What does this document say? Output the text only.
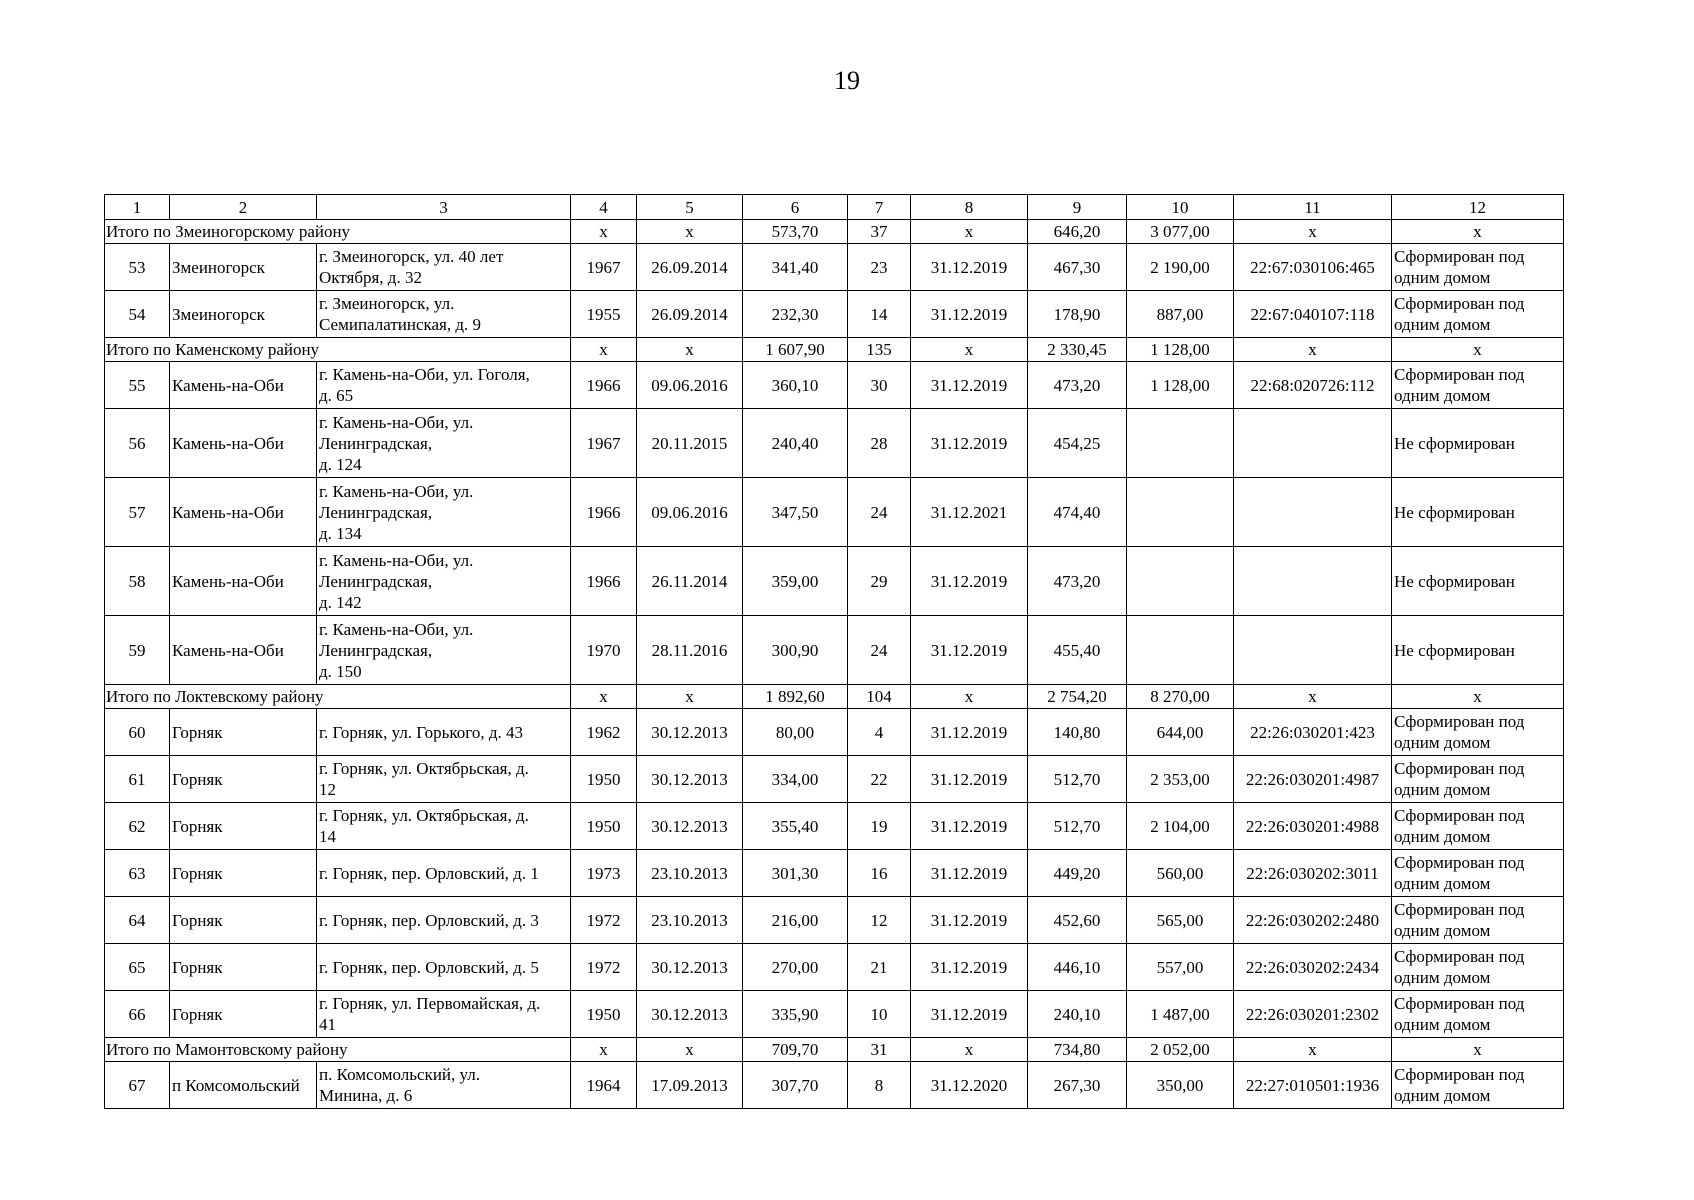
19
1	2	3	4	5	6	7	8	9	10	11	12
Итого по Змеиногорскому району			х	х	573,70	37	х	646,20	3 077,00	х	х
53	Змеиногорск	г. Змеиногорск, ул. 40 лет
Октября, д. 32	1967	26.09.2014	341,40	23	31.12.2019	467,30	2 190,00	22:67:030106:465	Сформирован под
одним домом
54	Змеиногорск	г. Змеиногорск, ул.
Семипалатинская, д. 9	1955	26.09.2014	232,30	14	31.12.2019	178,90	887,00	22:67:040107:118	Сформирован под
одним домом
Итого по Каменскому району			х	х	1 607,90	135	х	2 330,45	1 128,00	х	х
55	Камень-на-Оби	г. Камень-на-Оби, ул. Гоголя,
д. 65	1966	09.06.2016	360,10	30	31.12.2019	473,20	1 128,00	22:68:020726:112	Сформирован под
одним домом
56	Камень-на-Оби	г. Камень-на-Оби, ул.
Ленинградская,
д. 124	1967	20.11.2015	240,40	28	31.12.2019	454,25			Не сформирован
57	Камень-на-Оби	г. Камень-на-Оби, ул.
Ленинградская,
д. 134	1966	09.06.2016	347,50	24	31.12.2021	474,40			Не сформирован
58	Камень-на-Оби	г. Камень-на-Оби, ул.
Ленинградская,
д. 142	1966	26.11.2014	359,00	29	31.12.2019	473,20			Не сформирован
59	Камень-на-Оби	г. Камень-на-Оби, ул.
Ленинградская,
д. 150	1970	28.11.2016	300,90	24	31.12.2019	455,40			Не сформирован
Итого по Локтевскому району			х	х	1 892,60	104	х	2 754,20	8 270,00	х	х
60	Горняк	г. Горняк, ул. Горького, д. 43	1962	30.12.2013	80,00	4	31.12.2019	140,80	644,00	22:26:030201:423	Сформирован под
одним домом
61	Горняк	г. Горняк, ул. Октябрьская, д.
12	1950	30.12.2013	334,00	22	31.12.2019	512,70	2 353,00	22:26:030201:4987	Сформирован под
одним домом
62	Горняк	г. Горняк, ул. Октябрьская, д.
14	1950	30.12.2013	355,40	19	31.12.2019	512,70	2 104,00	22:26:030201:4988	Сформирован под
одним домом
63	Горняк	г. Горняк, пер. Орловский, д. 1	1973	23.10.2013	301,30	16	31.12.2019	449,20	560,00	22:26:030202:3011	Сформирован под
одним домом
64	Горняк	г. Горняк, пер. Орловский, д. 3	1972	23.10.2013	216,00	12	31.12.2019	452,60	565,00	22:26:030202:2480	Сформирован под
одним домом
65	Горняк	г. Горняк, пер. Орловский, д. 5	1972	30.12.2013	270,00	21	31.12.2019	446,10	557,00	22:26:030202:2434	Сформирован под
одним домом
66	Горняк	г. Горняк, ул. Первомайская, д.
41	1950	30.12.2013	335,90	10	31.12.2019	240,10	1 487,00	22:26:030201:2302	Сформирован под
одним домом
Итого по Мамонтовскому району			х	х	709,70	31	х	734,80	2 052,00	х	х
67	п Комсомольский	п. Комсомольский, ул.
Минина, д. 6	1964	17.09.2013	307,70	8	31.12.2020	267,30	350,00	22:27:010501:1936	Сформирован под
одним домом
